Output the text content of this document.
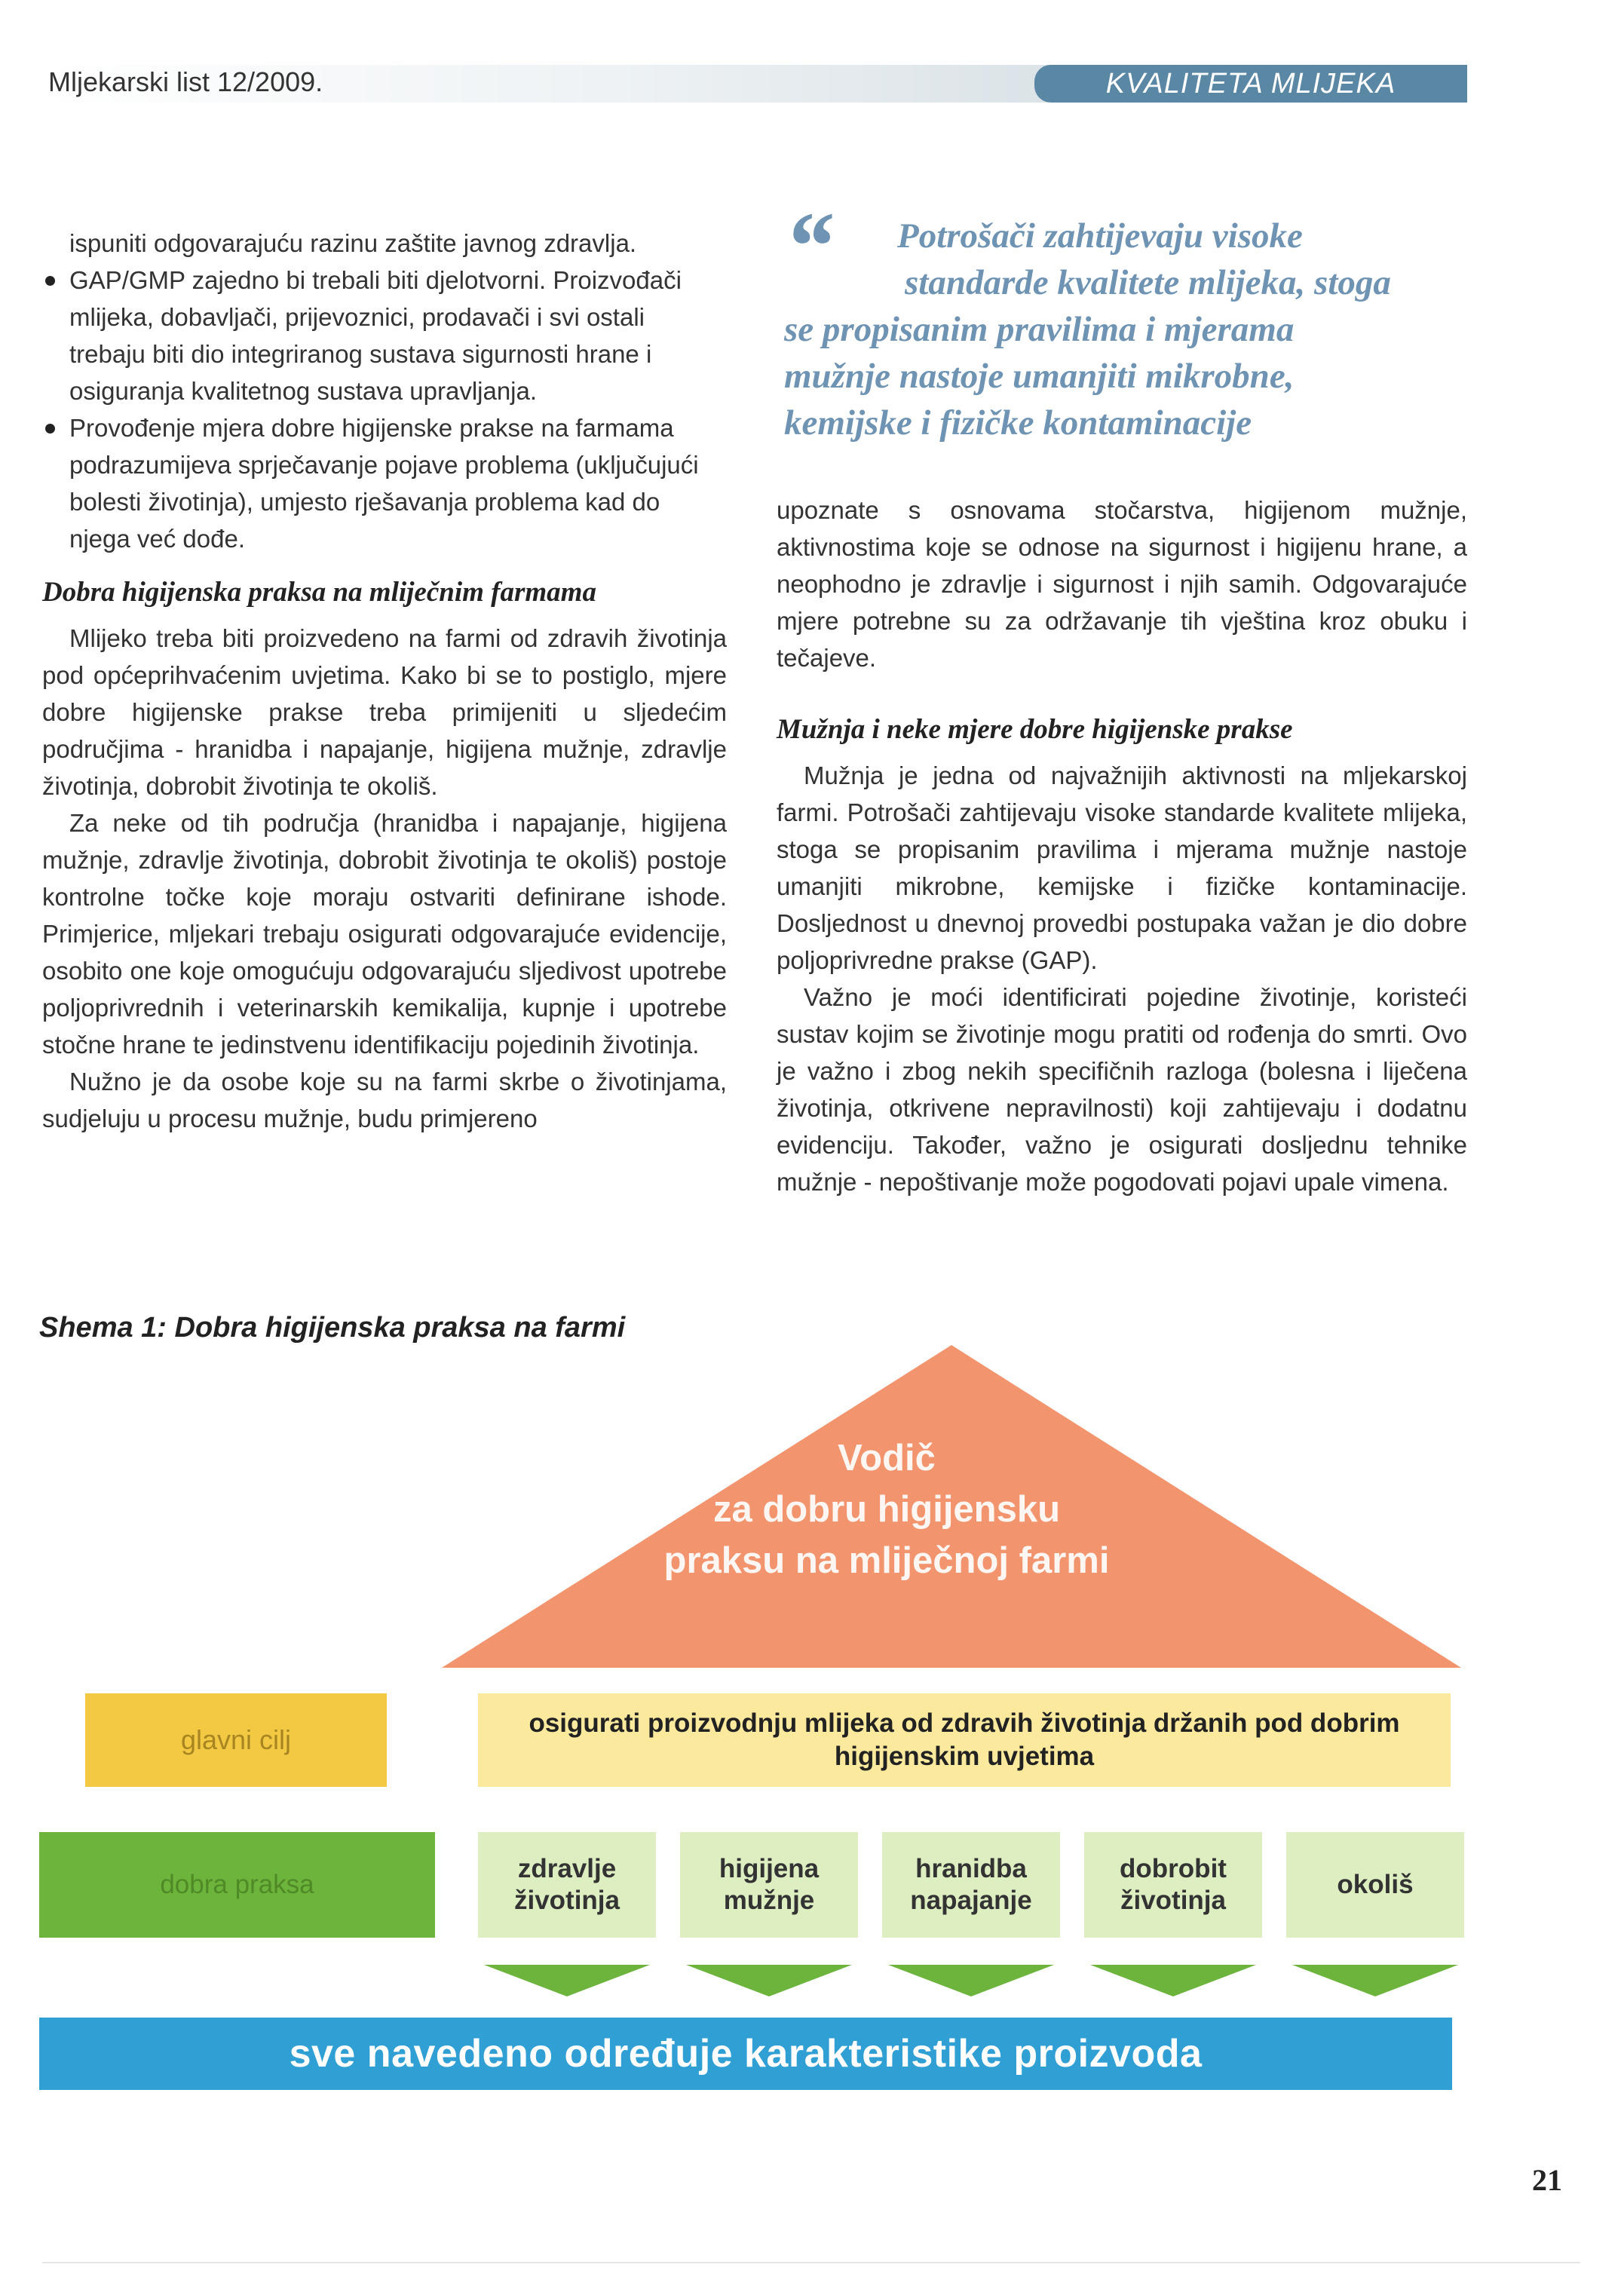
Mljekarski list 12/2009.	KVALITETA MLIJEKA

ispuniti odgovarajuću razinu zaštite javnog zdravlja.

GAP/GMP zajedno bi trebali biti djelotvorni. Proizvođači mlijeka, dobavljači, prijevoznici, prodavači i svi ostali trebaju biti dio integriranog sustava sigurnosti hrane i osiguranja kvalitetnog sustava upravljanja.
Provođenje mjera dobre higijenske prakse na farmama podrazumijeva sprječavanje pojave problema (uključujući bolesti životinja), umjesto rješavanja problema kad do njega već dođe.
Dobra higijenska praksa na mliječnim farmama

Mlijeko treba biti proizvedeno na farmi od zdravih životinja pod općeprihvaćenim uvjetima. Kako bi se to postiglo, mjere dobre higijenske prakse treba primijeniti u sljedećim područjima - hranidba i napajanje, higijena mužnje, zdravlje životinja, dobrobit životinja te okoliš.

Za neke od tih područja (hranidba i napajanje, higijena mužnje, zdravlje životinja, dobrobit životinja te okoliš) postoje kontrolne točke koje moraju ostvariti definirane ishode. Primjerice, mljekari trebaju osigurati odgovarajuće evidencije, osobito one koje omogućuju odgovarajuću sljedivost upotrebe poljoprivrednih i veterinarskih kemikalija, kupnje i upotrebe stočne hrane te jedinstvenu identifikaciju pojedinih životinja.

Nužno je da osobe koje su na farmi skrbe o životinjama, sudjeluju u procesu mužnje, budu primjereno

“	Potrošači zahtijevaju visoke
standarde kvalitete mlijeka, stoga
se propisanim pravilima i mjerama
mužnje nastoje umanjiti mikrobne,
kemijske i fizičke kontaminacije

upoznate s osnovama stočarstva, higijenom mužnje, aktivnostima koje se odnose na sigurnost i higijenu hrane, a neophodno je zdravlje i sigurnost i njih samih. Odgovarajuće mjere potrebne su za održavanje tih vještina kroz obuku i tečajeve.

Mužnja i neke mjere dobre higijenske prakse

Mužnja je jedna od najvažnijih aktivnosti na mljekarskoj farmi. Potrošači zahtijevaju visoke standarde kvalitete mlijeka, stoga se propisanim pravilima i mjerama mužnje nastoje umanjiti mikrobne, kemijske i fizičke kontaminacije. Dosljednost u dnevnoj provedbi postupaka važan je dio dobre poljoprivredne prakse (GAP).

Važno je moći identificirati pojedine životinje, koristeći sustav kojim se životinje mogu pratiti od rođenja do smrti. Ovo je važno i zbog nekih specifičnih razloga (bolesna i liječena životinja, otkrivene nepravilnosti) koji zahtijevaju i dodatnu evidenciju. Također, važno je osigurati dosljednu tehnike mužnje - nepoštivanje može pogodovati pojavi upale vimena.

Shema 1: Dobra higijenska praksa na farmi
Vodič
za dobru higijensku
praksu na mliječnoj farmi
glavni cilj
osigurati proizvodnju mlijeka od zdravih životinja držanih pod dobrim higijenskim uvjetima
dobra praksa
zdravlje
životinja
higijena
mužnje
hranidba
napajanje
dobrobit
životinja
okoliš
sve navedeno određuje karakteristike proizvoda
21
